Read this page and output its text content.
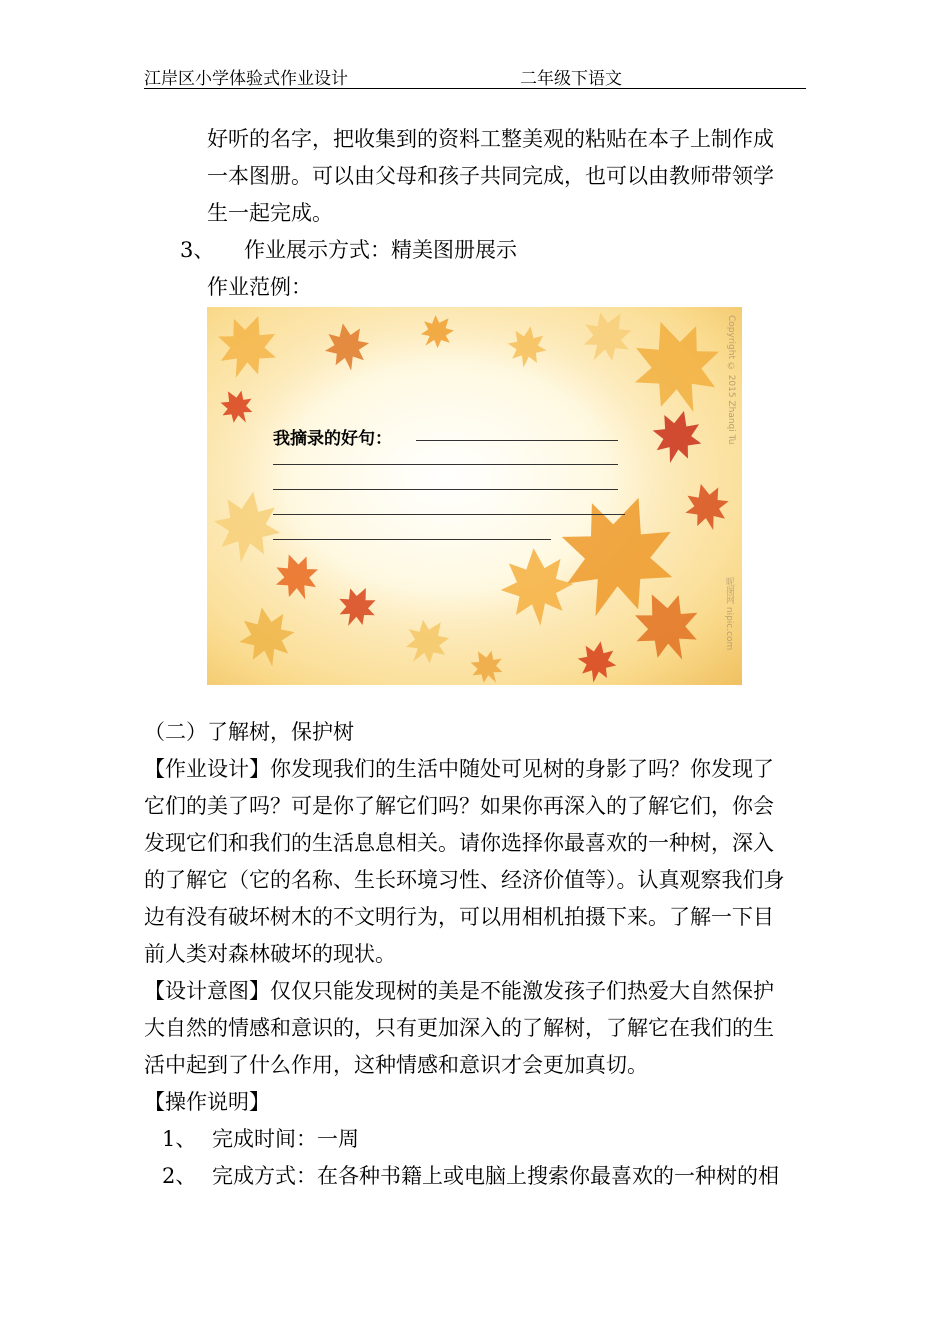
江岸区小学体验式作业设计	二年级下语文
好听的名字，把收集到的资料工整美观的粘贴在本子上制作成
一本图册。可以由父母和孩子共同完成，也可以由教师带领学
生一起完成。
3、 作业展示方式：精美图册展示
作业范例：
我摘录的好句：	Copyright © 2015 Zhanqi Tu
昵图网 nipic.com
（二）了解树，保护树
【作业设计】你发现我们的生活中随处可见树的身影了吗？你发现了
它们的美了吗？可是你了解它们吗？如果你再深入的了解它们，你会
发现它们和我们的生活息息相关。请你选择你最喜欢的一种树，深入
的了解它（它的名称、生长环境习性、经济价值等）。认真观察我们身
边有没有破坏树木的不文明行为，可以用相机拍摄下来。了解一下目
前人类对森林破坏的现状。
【设计意图】仅仅只能发现树的美是不能激发孩子们热爱大自然保护
大自然的情感和意识的，只有更加深入的了解树，了解它在我们的生
活中起到了什么作用，这种情感和意识才会更加真切。
【操作说明】
1、 完成时间：一周
2、 完成方式：在各种书籍上或电脑上搜索你最喜欢的一种树的相
